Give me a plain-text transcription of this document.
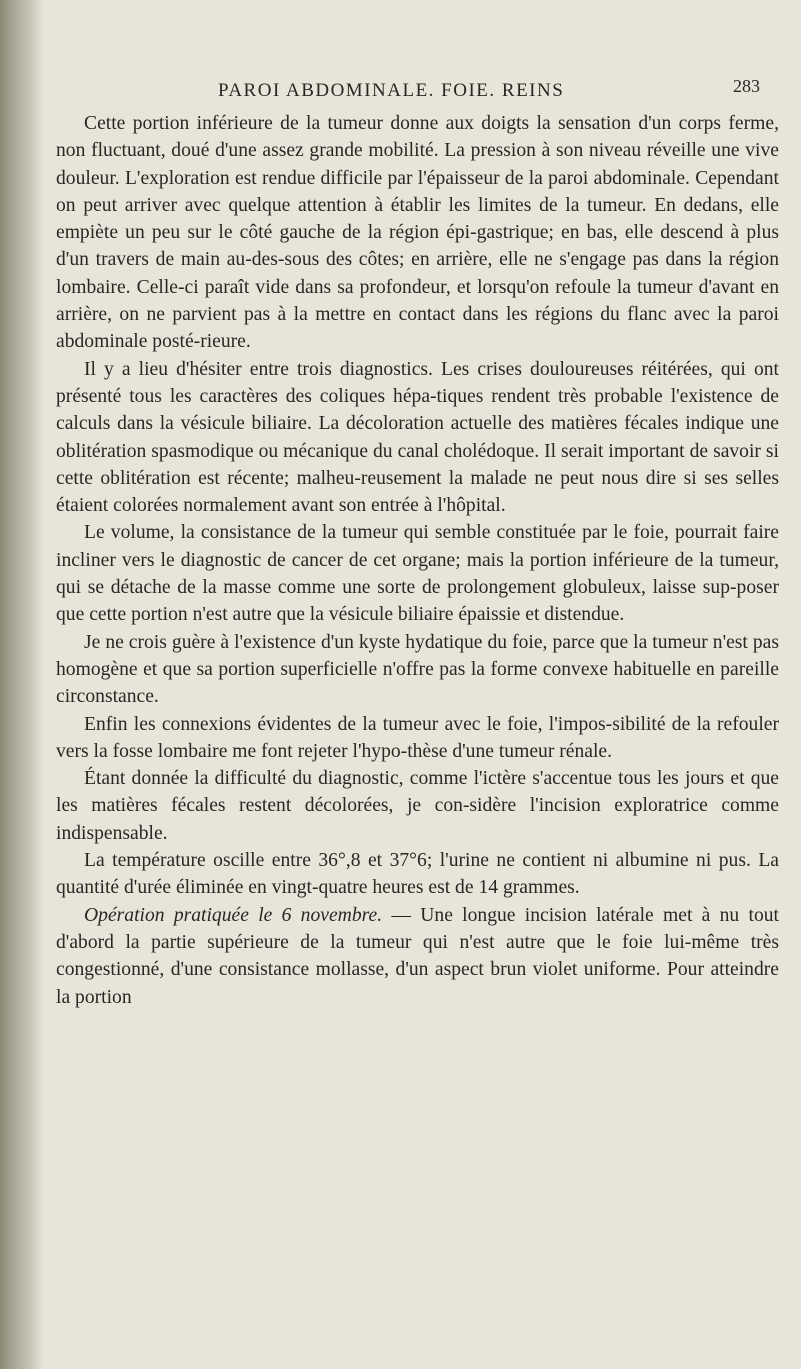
PAROI ABDOMINALE. FOIE. REINS	283

Cette portion inférieure de la tumeur donne aux doigts la sensation d'un corps ferme, non fluctuant, doué d'une assez grande mobilité. La pression à son niveau réveille une vive douleur. L'exploration est rendue difficile par l'épaisseur de la paroi abdominale. Cependant on peut arriver avec quelque attention à établir les limites de la tumeur. En dedans, elle empiète un peu sur le côté gauche de la région épi-gastrique; en bas, elle descend à plus d'un travers de main au-des-sous des côtes; en arrière, elle ne s'engage pas dans la région lombaire. Celle-ci paraît vide dans sa profondeur, et lorsqu'on refoule la tumeur d'avant en arrière, on ne parvient pas à la mettre en contact dans les régions du flanc avec la paroi abdominale posté-rieure.

Il y a lieu d'hésiter entre trois diagnostics. Les crises douloureuses réitérées, qui ont présenté tous les caractères des coliques hépa-tiques rendent très probable l'existence de calculs dans la vésicule biliaire. La décoloration actuelle des matières fécales indique une oblitération spasmodique ou mécanique du canal cholédoque. Il serait important de savoir si cette oblitération est récente; malheu-reusement la malade ne peut nous dire si ses selles étaient colorées normalement avant son entrée à l'hôpital.

Le volume, la consistance de la tumeur qui semble constituée par le foie, pourrait faire incliner vers le diagnostic de cancer de cet organe; mais la portion inférieure de la tumeur, qui se détache de la masse comme une sorte de prolongement globuleux, laisse sup-poser que cette portion n'est autre que la vésicule biliaire épaissie et distendue.

Je ne crois guère à l'existence d'un kyste hydatique du foie, parce que la tumeur n'est pas homogène et que sa portion superficielle n'offre pas la forme convexe habituelle en pareille circonstance.

Enfin les connexions évidentes de la tumeur avec le foie, l'impos-sibilité de la refouler vers la fosse lombaire me font rejeter l'hypo-thèse d'une tumeur rénale.

Étant donnée la difficulté du diagnostic, comme l'ictère s'accentue tous les jours et que les matières fécales restent décolorées, je con-sidère l'incision exploratrice comme indispensable.

La température oscille entre 36°,8 et 37°6; l'urine ne contient ni albumine ni pus. La quantité d'urée éliminée en vingt-quatre heures est de 14 grammes.

Opération pratiquée le 6 novembre. — Une longue incision latérale met à nu tout d'abord la partie supérieure de la tumeur qui n'est autre que le foie lui-même très congestionné, d'une consistance mollasse, d'un aspect brun violet uniforme. Pour atteindre la portion
